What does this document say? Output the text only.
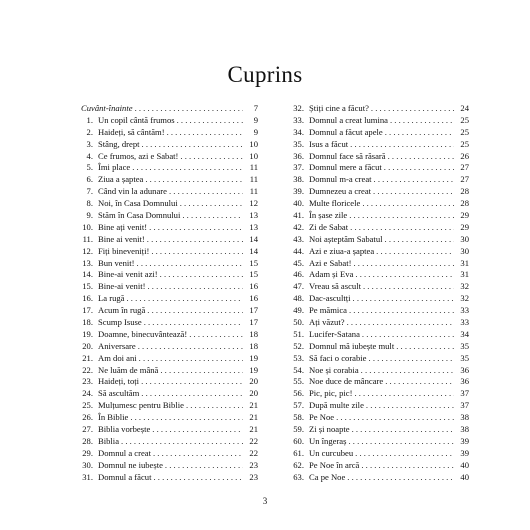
Cuprins
Cuvânt-înainte . . .	7
1. Un copil cântă frumos . . .	9
2. Haideți, să cântăm! . . .	9
3. Stâng, drept . . .	10
4. Ce frumos, azi e Sabat! . . .	10
5. Îmi place . . .	11
6. Ziua a șaptea . . .	11
7. Când vin la adunare . . .	11
8. Noi, în Casa Domnului . . .	12
9. Stăm în Casa Domnului . . .	13
10. Bine ați venit! . . .	13
11. Bine ai venit! . . .	14
12. Fiți bineveniți! . . .	14
13. Bun venit! . . .	15
14. Bine-ai venit azi! . . .	15
15. Bine-ai venit! . . .	16
16. La rugă . . .	16
17. Acum în rugă . . .	17
18. Scump Isuse . . .	17
19. Doamne, binecuvântează! . . .	18
20. Aniversare . . .	18
21. Am doi ani . . .	19
22. Ne luăm de mână . . .	19
23. Haideți, toți . . .	20
24. Să ascultăm . . .	20
25. Mulțumesc pentru Biblie . . .	21
26. În Biblie . . .	21
27. Biblia vorbește . . .	21
28. Biblia . . .	22
29. Domnul a creat . . .	22
30. Domnul ne iubește . . .	23
31. Domnul a făcut . . .	23
32. Știți cine a făcut? . . .	24
33. Domnul a creat lumina . . .	25
34. Domnul a făcut apele . . .	25
35. Isus a făcut . . .	25
36. Domnul face să răsară . . .	26
37. Domnul mere a făcut . . .	27
38. Domnul m-a creat . . .	27
39. Dumnezeu a creat . . .	28
40. Multe floricele . . .	28
41. În șase zile . . .	29
42. Zi de Sabat . . .	29
43. Noi așteptăm Sabatul . . .	30
44. Azi e ziua-a șaptea . . .	30
45. Azi e Sabat! . . .	31
46. Adam și Eva . . .	31
47. Vreau să ascult . . .	32
48. Dac-ascultți . . .	32
49. Pe mămica . . .	33
50. Ați văzut? . . .	33
51. Lucifer-Satana . . .	34
52. Domnul mă iubește mult . . .	35
53. Să faci o corabie . . .	35
54. Noe și corabia . . .	36
55. Noe duce de mâncare . . .	36
56. Pic, pic, pic! . . .	37
57. După multe zile . . .	37
58. Pe Noe . . .	38
59. Zi și noapte . . .	38
60. Un îngeraș . . .	39
61. Un curcubeu . . .	39
62. Pe Noe în arcă . . .	40
63. Ca pe Noe . . .	40
3
